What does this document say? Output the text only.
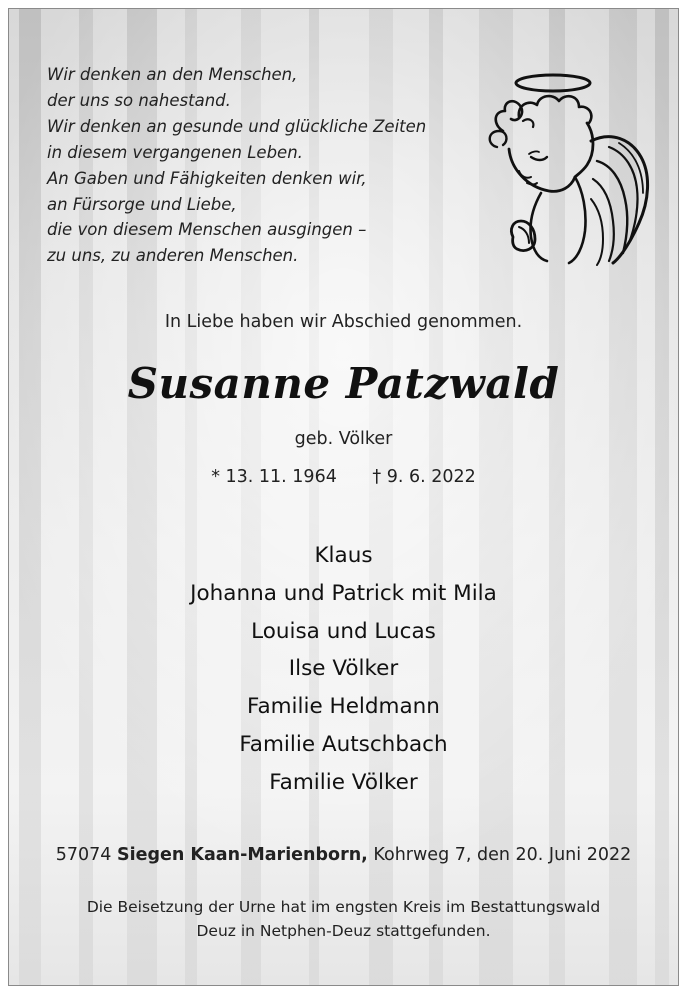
Wir denken an den Menschen,
der uns so nahestand.
Wir denken an gesunde und glückliche Zeiten
in diesem vergangenen Leben.
An Gaben und Fähigkeiten denken wir,
an Fürsorge und Liebe,
die von diesem Menschen ausgingen –
zu uns, zu anderen Menschen.
In Liebe haben wir Abschied genommen.
Susanne Patzwald
geb. Völker
* 13. 11. 1964 † 9. 6. 2022
Klaus
Johanna und Patrick mit Mila
Louisa und Lucas
Ilse Völker
Familie Heldmann
Familie Autschbach
Familie Völker
57074 Siegen Kaan-Marienborn, Kohrweg 7, den 20. Juni 2022
Die Beisetzung der Urne hat im engsten Kreis im Bestattungswald
Deuz in Netphen-Deuz stattgefunden.
